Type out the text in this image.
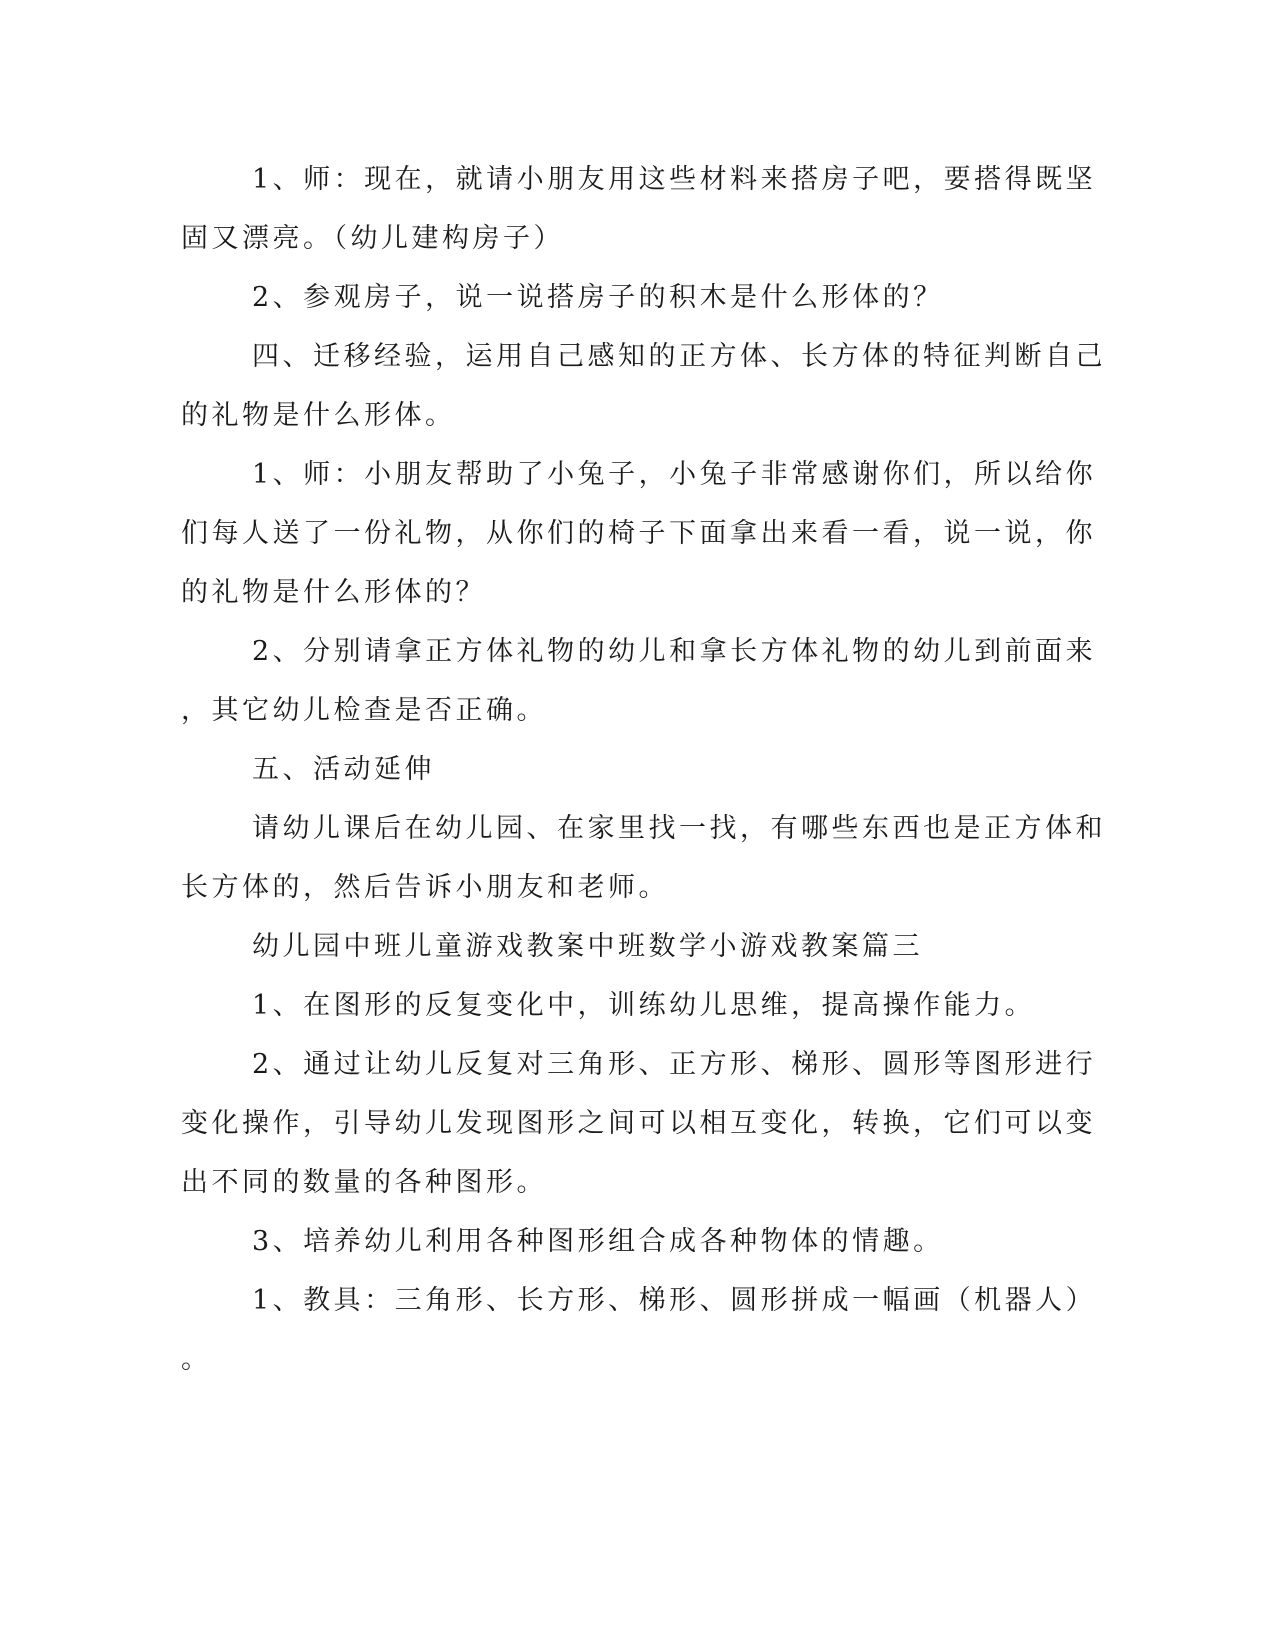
1、师：现在，就请小朋友用这些材料来搭房子吧，要搭得既坚
固又漂亮。（幼儿建构房子）
2、参观房子，说一说搭房子的积木是什么形体的？
四、迁移经验，运用自己感知的正方体、长方体的特征判断自己
的礼物是什么形体。
1、师：小朋友帮助了小兔子，小兔子非常感谢你们，所以给你
们每人送了一份礼物，从你们的椅子下面拿出来看一看，说一说，你
的礼物是什么形体的？
2、分别请拿正方体礼物的幼儿和拿长方体礼物的幼儿到前面来
，其它幼儿检查是否正确。
五、活动延伸
请幼儿课后在幼儿园、在家里找一找，有哪些东西也是正方体和
长方体的，然后告诉小朋友和老师。
幼儿园中班儿童游戏教案中班数学小游戏教案篇三
1、在图形的反复变化中，训练幼儿思维，提高操作能力。
2、通过让幼儿反复对三角形、正方形、梯形、圆形等图形进行
变化操作，引导幼儿发现图形之间可以相互变化，转换，它们可以变
出不同的数量的各种图形。
3、培养幼儿利用各种图形组合成各种物体的情趣。
1、教具：三角形、长方形、梯形、圆形拼成一幅画（机器人）
。
